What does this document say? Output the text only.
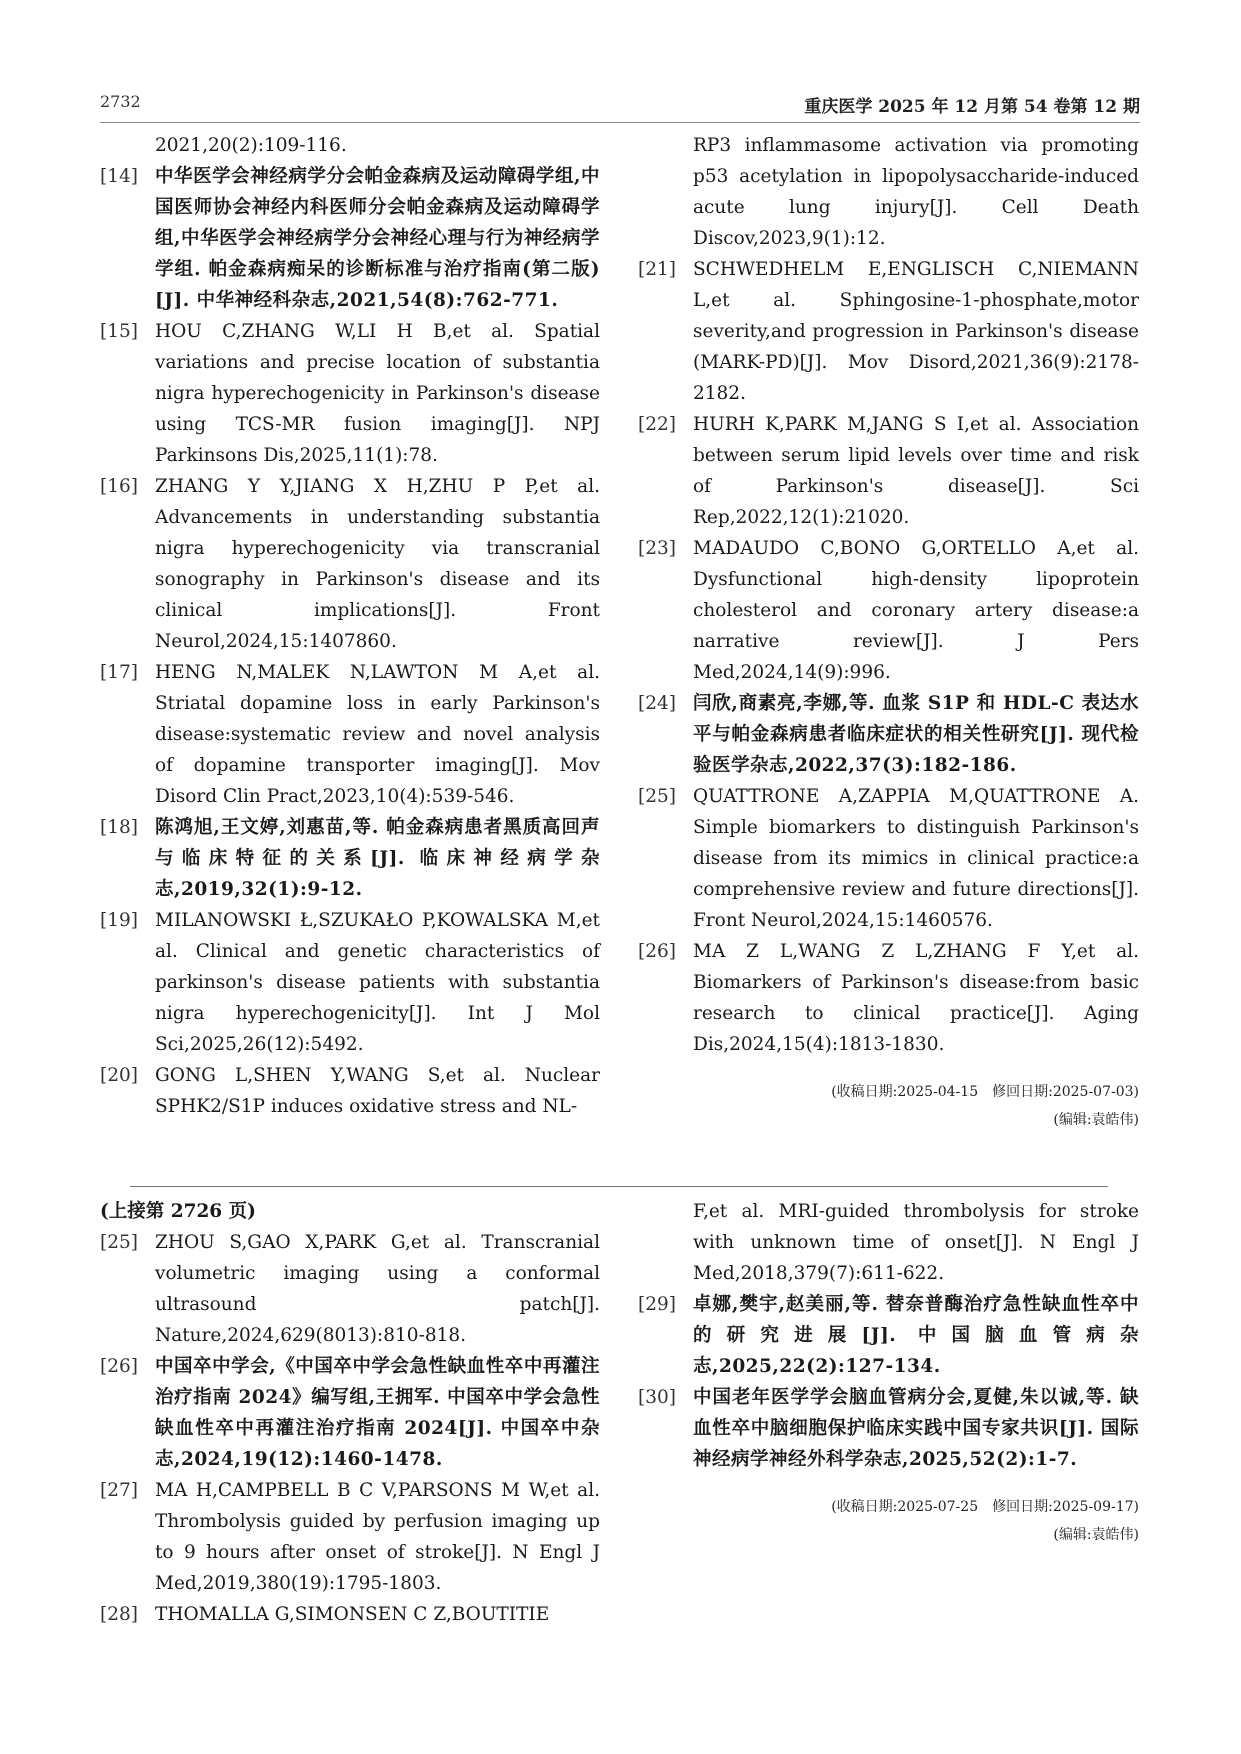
2732	重庆医学 2025 年 12 月第 54 卷第 12 期

2021,20(2):109-116.

[14] 中华医学会神经病学分会帕金森病及运动障碍学组,中国医师协会神经内科医师分会帕金森病及运动障碍学组,中华医学会神经病学分会神经心理与行为神经病学学组. 帕金森病痴呆的诊断标准与治疗指南(第二版)[J]. 中华神经科杂志,2021,54(8):762-771.

[15] HOU C,ZHANG W,LI H B,et al. Spatial variations and precise location of substantia nigra hyperechogenicity in Parkinson's disease using TCS-MR fusion imaging[J]. NPJ Parkinsons Dis,2025,11(1):78.

[16] ZHANG Y Y,JIANG X H,ZHU P P,et al. Advancements in understanding substantia nigra hyperechogenicity via transcranial sonography in Parkinson's disease and its clinical implications[J]. Front Neurol,2024,15:1407860.

[17] HENG N,MALEK N,LAWTON M A,et al. Striatal dopamine loss in early Parkinson's disease:systematic review and novel analysis of dopamine transporter imaging[J]. Mov Disord Clin Pract,2023,10(4):539-546.

[18] 陈鸿旭,王文婷,刘惠苗,等. 帕金森病患者黑质高回声与临床特征的关系[J]. 临床神经病学杂志,2019,32(1):9-12.

[19] MILANOWSKI Ł,SZUKAŁO P,KOWALSKA M,et al. Clinical and genetic characteristics of parkinson's disease patients with substantia nigra hyperechogenicity[J]. Int J Mol Sci,2025,26(12):5492.

[20] GONG L,SHEN Y,WANG S,et al. Nuclear SPHK2/S1P induces oxidative stress and NL-

RP3 inflammasome activation via promoting p53 acetylation in lipopolysaccharide-induced acute lung injury[J]. Cell Death Discov,2023,9(1):12.

[21] SCHWEDHELM E,ENGLISCH C,NIEMANN L,et al. Sphingosine-1-phosphate,motor severity,and progression in Parkinson's disease (MARK-PD)[J]. Mov Disord,2021,36(9):2178-2182.

[22] HURH K,PARK M,JANG S I,et al. Association between serum lipid levels over time and risk of Parkinson's disease[J]. Sci Rep,2022,12(1):21020.

[23] MADAUDO C,BONO G,ORTELLO A,et al. Dysfunctional high-density lipoprotein cholesterol and coronary artery disease:a narrative review[J]. J Pers Med,2024,14(9):996.

[24] 闫欣,商素亮,李娜,等. 血浆 S1P 和 HDL-C 表达水平与帕金森病患者临床症状的相关性研究[J]. 现代检验医学杂志,2022,37(3):182-186.

[25] QUATTRONE A,ZAPPIA M,QUATTRONE A. Simple biomarkers to distinguish Parkinson's disease from its mimics in clinical practice:a comprehensive review and future directions[J]. Front Neurol,2024,15:1460576.

[26] MA Z L,WANG Z L,ZHANG F Y,et al. Biomarkers of Parkinson's disease:from basic research to clinical practice[J]. Aging Dis,2024,15(4):1813-1830.

(收稿日期:2025-04-15　修回日期:2025-07-03)
(编辑:袁皓伟)
(上接第 2726 页)

[25] ZHOU S,GAO X,PARK G,et al. Transcranial volumetric imaging using a conformal ultrasound patch[J]. Nature,2024,629(8013):810-818.

[26] 中国卒中学会,《中国卒中学会急性缺血性卒中再灌注治疗指南 2024》编写组,王拥军. 中国卒中学会急性缺血性卒中再灌注治疗指南 2024[J]. 中国卒中杂志,2024,19(12):1460-1478.

[27] MA H,CAMPBELL B C V,PARSONS M W,et al. Thrombolysis guided by perfusion imaging up to 9 hours after onset of stroke[J]. N Engl J Med,2019,380(19):1795-1803.

[28] THOMALLA G,SIMONSEN C Z,BOUTITIE

F,et al. MRI-guided thrombolysis for stroke with unknown time of onset[J]. N Engl J Med,2018,379(7):611-622.

[29] 卓娜,樊宇,赵美丽,等. 替奈普酶治疗急性缺血性卒中的研究进展[J]. 中国脑血管病杂志,2025,22(2):127-134.

[30] 中国老年医学学会脑血管病分会,夏健,朱以诚,等. 缺血性卒中脑细胞保护临床实践中国专家共识[J]. 国际神经病学神经外科学杂志,2025,52(2):1-7.

(收稿日期:2025-07-25　修回日期:2025-09-17)
(编辑:袁皓伟)
